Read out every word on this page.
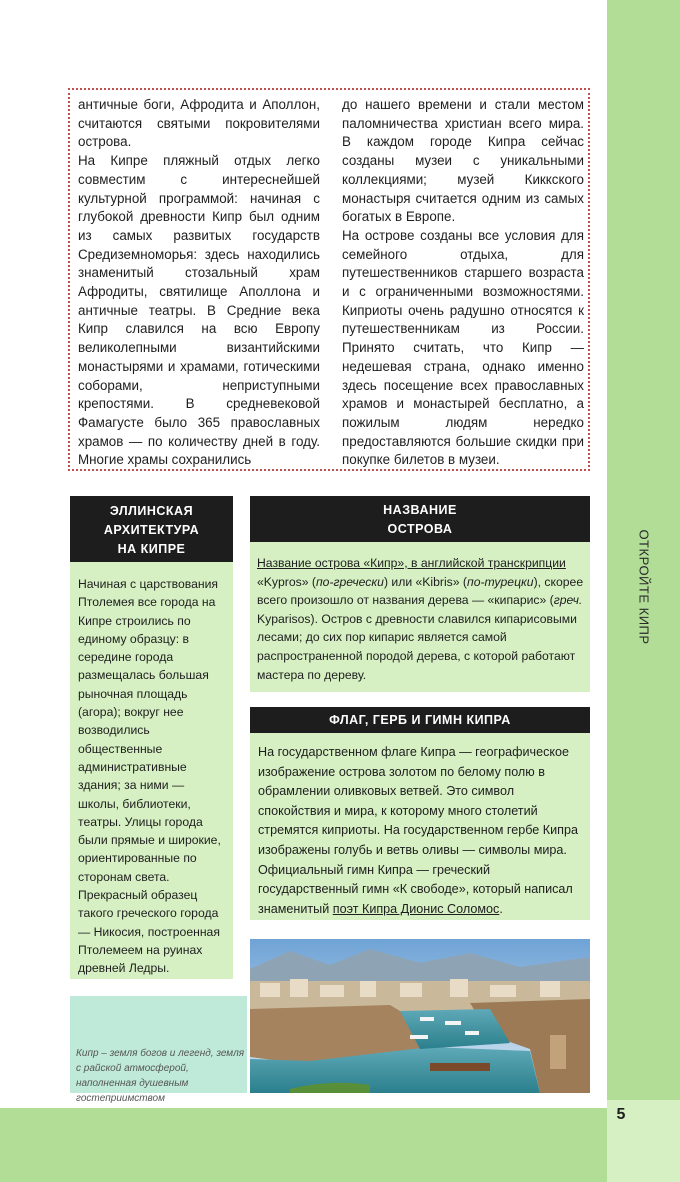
ОТКРОЙТЕ КИПР
5

античные боги, Афродита и Аполлон, считаются святыми покровителями острова.

На Кипре пляжный отдых легко совместим с интереснейшей культурной программой: начиная с глубокой древности Кипр был одним из самых развитых государств Средиземноморья: здесь находились знаменитый стозальный храм Афродиты, святилище Аполлона и античные театры. В Средние века Кипр славился на всю Европу великолепными византийскими монастырями и храмами, готическими соборами, неприступными крепостями. В средневековой Фамагусте было 365 православных храмов — по количеству дней в году. Многие храмы сохранились

до нашего времени и стали местом паломничества христиан всего мира. В каждом городе Кипра сейчас созданы музеи с уникальными коллекциями; музей Киккского монастыря считается одним из самых богатых в Европе.

На острове созданы все условия для семейного отдыха, для путешественников старшего возраста и с ограниченными возможностями. Киприоты очень радушно относятся к путешественникам из России. Принято считать, что Кипр — недешевая страна, однако именно здесь посещение всех православных храмов и монастырей бесплатно, а пожилым людям нередко предоставляются большие скидки при покупке билетов в музеи.

ЭЛЛИНСКАЯ
АРХИТЕКТУРА
НА КИПРЕ
Начиная с царствования Птолемея все города на Кипре строились по единому образцу: в середине города размещалась большая рыночная площадь (агора); вокруг нее возводились общественные административные здания; за ними — школы, библиотеки, театры. Улицы города были прямые и широкие, ориентированные по сторонам света. Прекрасный образец такого греческого города — Никосия, построенная Птолемеем на руинах древней Ледры.
НАЗВАНИЕ
ОСТРОВА
Название острова «Кипр», в английской транскрипции «Kypros» (по-гречески) или «Kibris» (по-турецки), скорее всего произошло от названия дерева — «кипарис» (греч. Kyparisos). Остров с древности славился кипарисовыми лесами; до сих пор кипарис является самой распространенной породой дерева, с которой работают мастера по дереву.
ФЛАГ, ГЕРБ И ГИМН КИПРА
На государственном флаге Кипра — географическое изображение острова золотом по белому полю в обрамлении оливковых ветвей. Это символ спокойствия и мира, к которому много столетий стремятся киприоты. На государственном гербе Кипра изображены голубь и ветвь оливы — символы мира. Официальный гимн Кипра — греческий государственный гимн «К свободе», который написал знаменитый поэт Кипра Дионис Соломос.
Кипр – земля богов и легенд, земля с райской атмосферой, наполненная душевным гостеприимством
